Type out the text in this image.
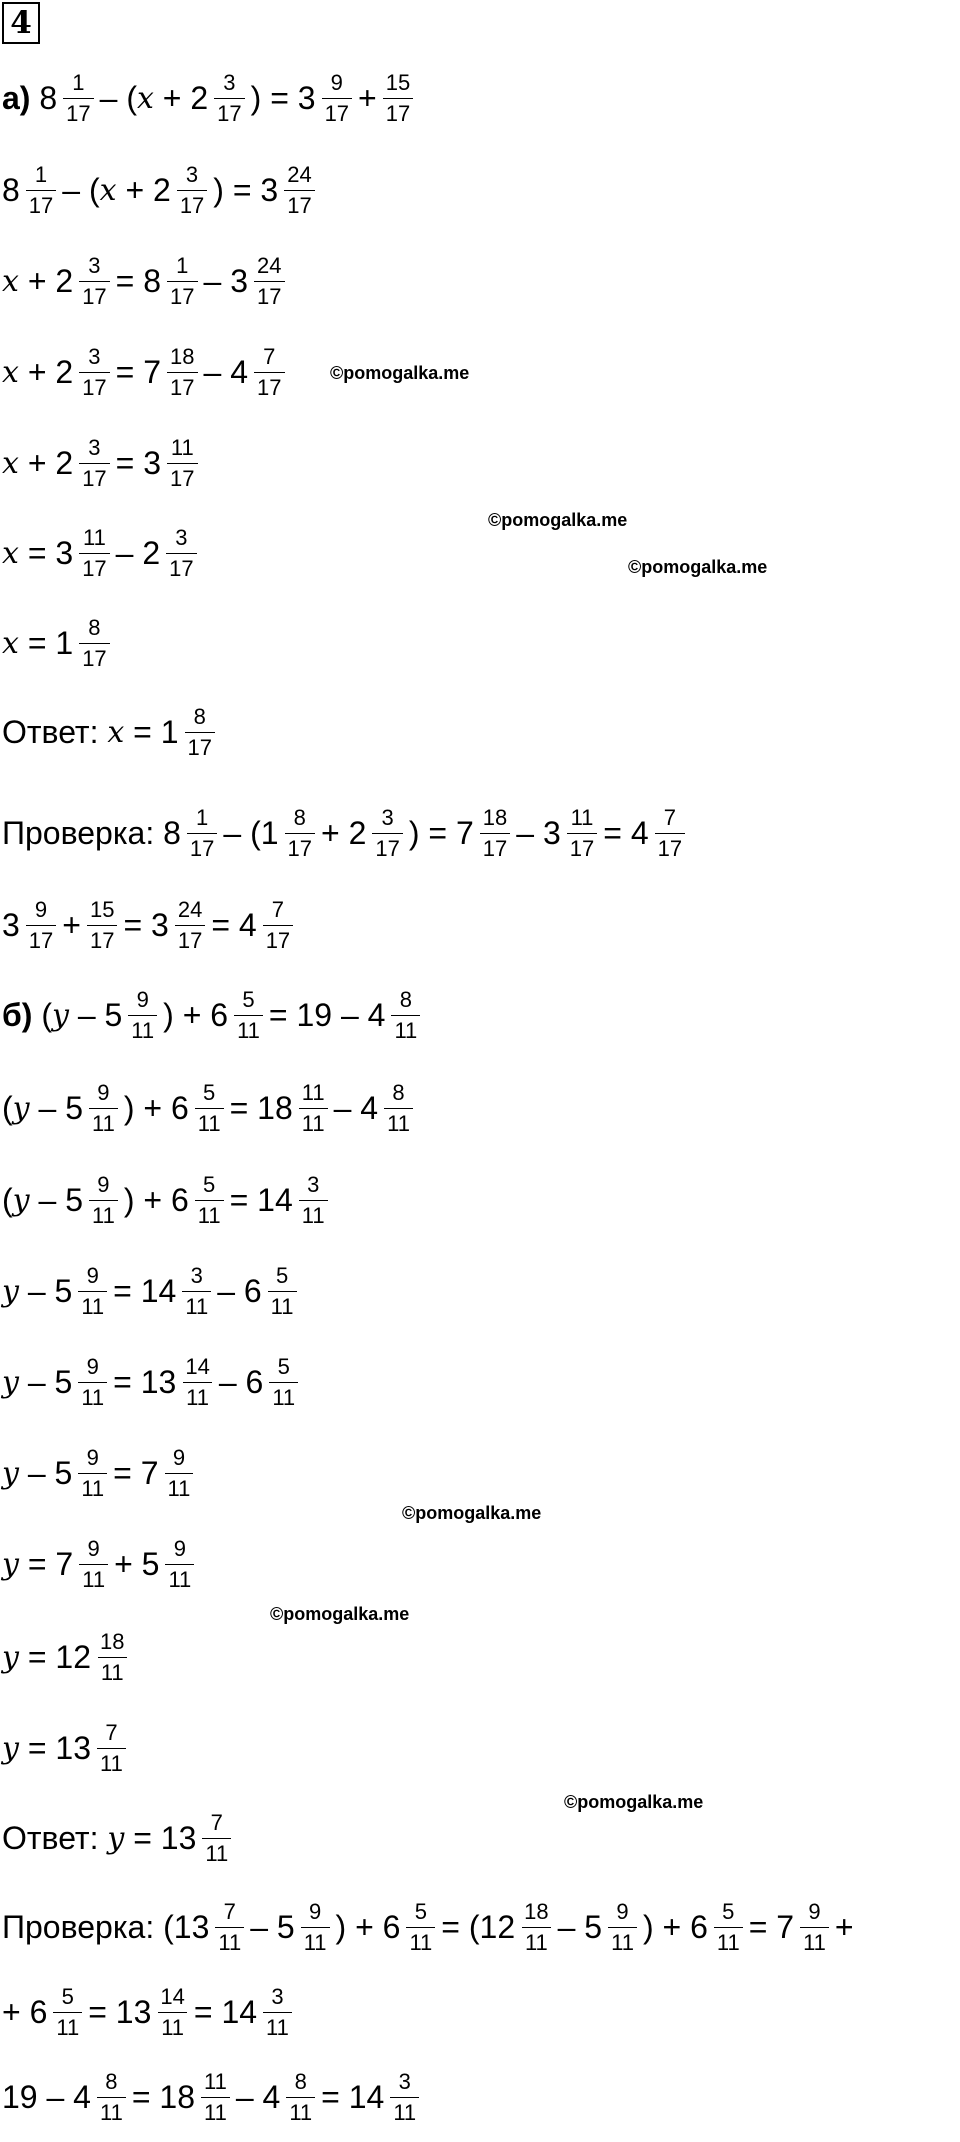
4
а) $8 \frac{1}{17}$ – ( $x + 2 \frac{3}{17}$ ) = $3 \frac{9}{17} + \frac{15}{17}$
$8 \frac{1}{17}$ – ( $x + 2 \frac{3}{17}$ ) = $3 \frac{24}{17}$
$x + 2 \frac{3}{17} = 8 \frac{1}{17} - 3 \frac{24}{17}$
$x + 2 \frac{3}{17} = 7 \frac{18}{17} - 4 \frac{7}{17}$
$x + 2 \frac{3}{17} = 3 \frac{11}{17}$
$x = 3 \frac{11}{17} - 2 \frac{3}{17}$
$x = 1 \frac{8}{17}$
Ответ: $x = 1 \frac{8}{17}$
Проверка: $8 \frac{1}{17} - (1 \frac{8}{17} + 2 \frac{3}{17}$ ) = $7 \frac{18}{17} - 3 \frac{11}{17} = 4 \frac{7}{17}$
$3 \frac{9}{17} + \frac{15}{17} = 3 \frac{24}{17} = 4 \frac{7}{17}$
б) ( y – $5 \frac{9}{11}$ ) + $6 \frac{5}{11} = 19 - 4 \frac{8}{11}$
( y – $5 \frac{9}{11}$ ) + $6 \frac{5}{11} = 18 \frac{11}{11} - 4 \frac{8}{11}$
( y – $5 \frac{9}{11}$ ) + $6 \frac{5}{11} = 14 \frac{3}{11}$
$y - 5 \frac{9}{11} = 14 \frac{3}{11} - 6 \frac{5}{11}$
$y - 5 \frac{9}{11} = 13 \frac{14}{11} - 6 \frac{5}{11}$
$y - 5 \frac{9}{11} = 7 \frac{9}{11}$
$y = 7 \frac{9}{11} + 5 \frac{9}{11}$
$y = 12 \frac{18}{11}$
$y = 13 \frac{7}{11}$
Ответ: $y = 13 \frac{7}{11}$
Проверка: ($13 \frac{7}{11} - 5 \frac{9}{11}$ ) + $6 \frac{5}{11} = (12 \frac{18}{11} - 5 \frac{9}{11}$ ) + $6 \frac{5}{11} = 7 \frac{9}{11}$ +
+ $6 \frac{5}{11} = 13 \frac{14}{11} = 14 \frac{3}{11}$
$19 - 4 \frac{8}{11} = 18 \frac{11}{11} - 4 \frac{8}{11} = 14 \frac{3}{11}$
©pomogalka.me
©pomogalka.me
©pomogalka.me
©pomogalka.me
©pomogalka.me
©pomogalka.me
